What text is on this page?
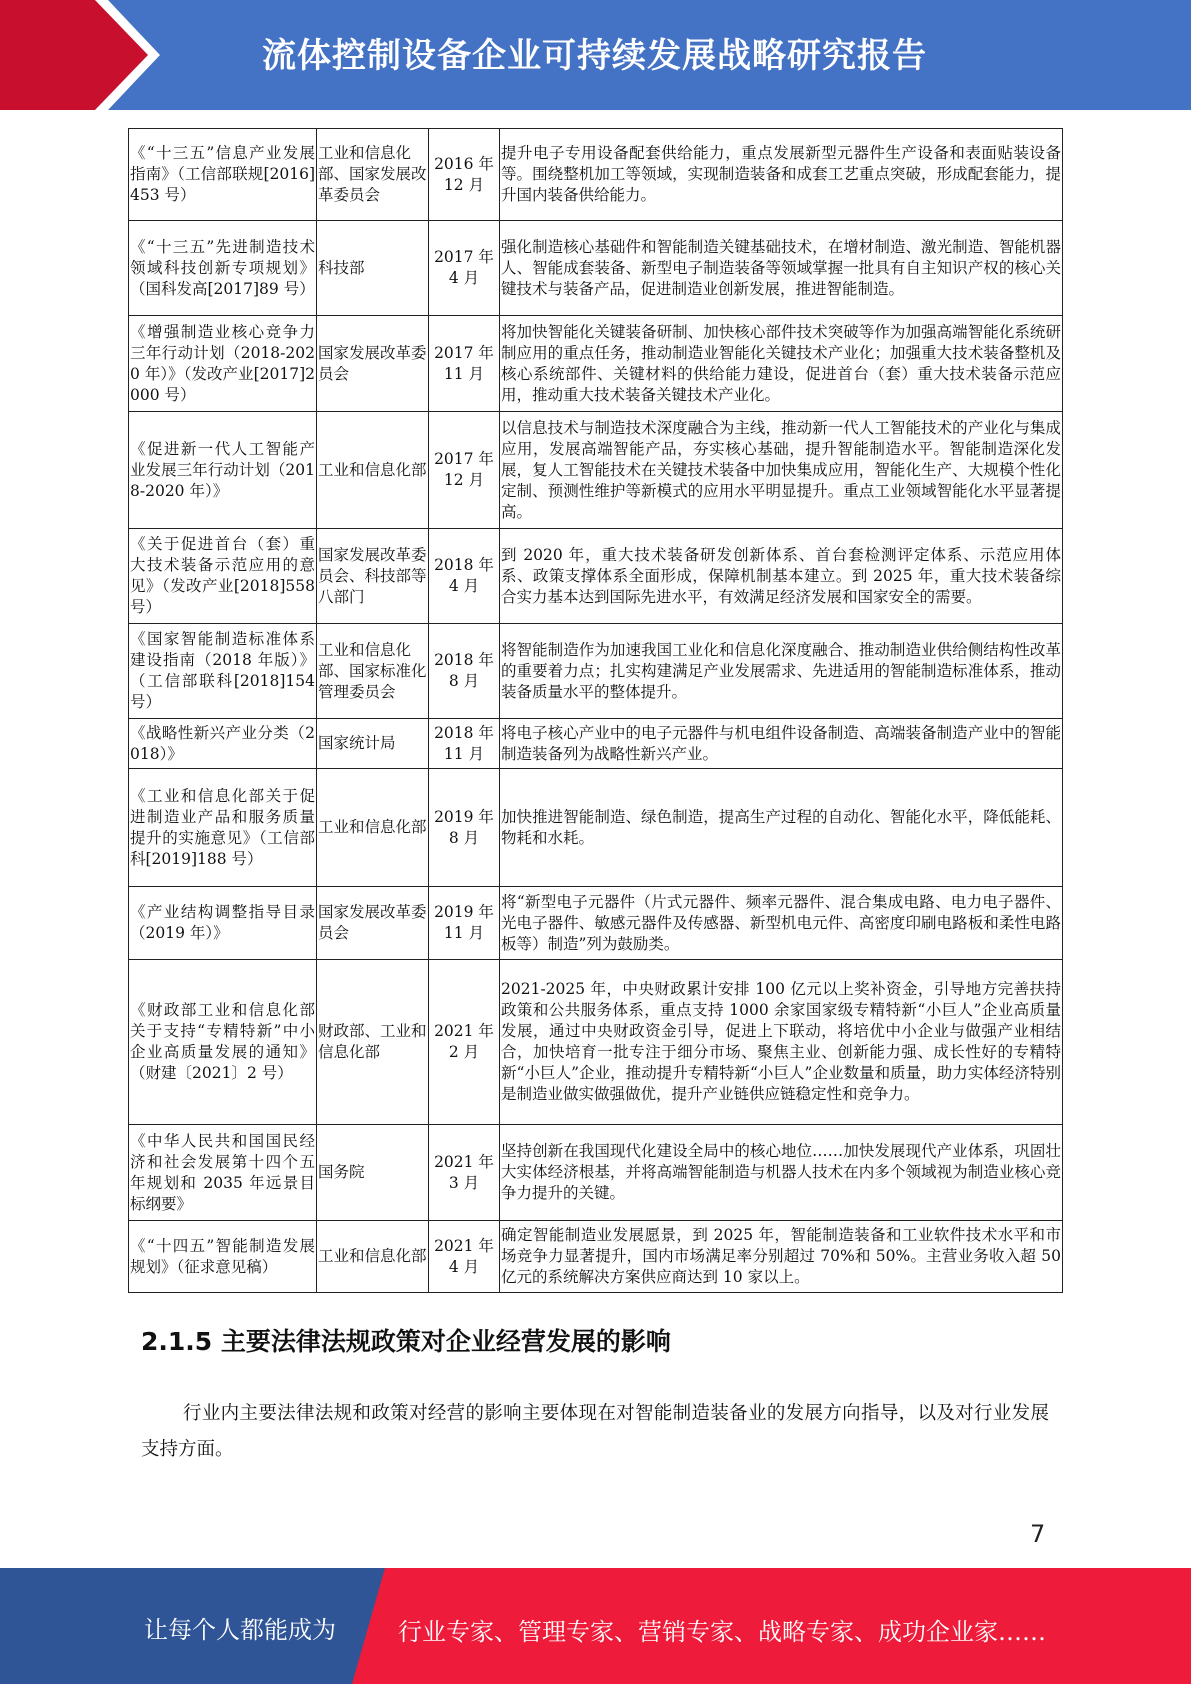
流体控制设备企业可持续发展战略研究报告
《“十三五”信息产业发展指南》（工信部联规[2016]453 号）	工业和信息化部、国家发展改革委员会	2016 年12 月	提升电子专用设备配套供给能力，重点发展新型元器件生产设备和表面贴装设备等。围绕整机加工等领域，实现制造装备和成套工艺重点突破，形成配套能力，提升国内装备供给能力。
《“十三五”先进制造技术领域科技创新专项规划》（国科发高[2017]89 号）	科技部	2017 年4 月	强化制造核心基础件和智能制造关键基础技术，在增材制造、激光制造、智能机器人、智能成套装备、新型电子制造装备等领域掌握一批具有自主知识产权的核心关键技术与装备产品，促进制造业创新发展，推进智能制造。
《增强制造业核心竞争力三年行动计划（2018-2020 年）》（发改产业[2017]2000 号）	国家发展改革委员会	2017 年11 月	将加快智能化关键装备研制、加快核心部件技术突破等作为加强高端智能化系统研制应用的重点任务，推动制造业智能化关键技术产业化；加强重大技术装备整机及核心系统部件、关键材料的供给能力建设，促进首台（套）重大技术装备示范应用，推动重大技术装备关键技术产业化。
《促进新一代人工智能产业发展三年行动计划（2018-2020 年）》	工业和信息化部	2017 年12 月	以信息技术与制造技术深度融合为主线，推动新一代人工智能技术的产业化与集成应用，发展高端智能产品，夯实核心基础，提升智能制造水平。智能制造深化发展，复人工智能技术在关键技术装备中加快集成应用，智能化生产、大规模个性化定制、预测性维护等新模式的应用水平明显提升。重点工业领域智能化水平显著提高。
《关于促进首台（套）重大技术装备示范应用的意见》（发改产业[2018]558 号）	国家发展改革委员会、科技部等八部门	2018 年4 月	到 2020 年，重大技术装备研发创新体系、首台套检测评定体系、示范应用体系、政策支撑体系全面形成，保障机制基本建立。到 2025 年，重大技术装备综合实力基本达到国际先进水平，有效满足经济发展和国家安全的需要。
《国家智能制造标准体系建设指南（2018 年版）》（工信部联科[2018]154 号）	工业和信息化部、国家标准化管理委员会	2018 年8 月	将智能制造作为加速我国工业化和信息化深度融合、推动制造业供给侧结构性改革的重要着力点；扎实构建满足产业发展需求、先进适用的智能制造标准体系，推动装备质量水平的整体提升。
《战略性新兴产业分类（2018）》	国家统计局	2018 年11 月	将电子核心产业中的电子元器件与机电组件设备制造、高端装备制造产业中的智能制造装备列为战略性新兴产业。
《工业和信息化部关于促进制造业产品和服务质量提升的实施意见》（工信部科[2019]188 号）	工业和信息化部	2019 年8 月	加快推进智能制造、绿色制造，提高生产过程的自动化、智能化水平，降低能耗、物耗和水耗。
《产业结构调整指导目录（2019 年）》	国家发展改革委员会	2019 年11 月	将“新型电子元器件（片式元器件、频率元器件、混合集成电路、电力电子器件、光电子器件、敏感元器件及传感器、新型机电元件、高密度印刷电路板和柔性电路板等）制造”列为鼓励类。
《财政部工业和信息化部关于支持“专精特新”中小企业高质量发展的通知》（财建〔2021〕2 号）	财政部、工业和信息化部	2021 年2 月	2021-2025 年，中央财政累计安排 100 亿元以上奖补资金，引导地方完善扶持政策和公共服务体系，重点支持 1000 余家国家级专精特新“小巨人”企业高质量发展，通过中央财政资金引导，促进上下联动，将培优中小企业与做强产业相结合，加快培育一批专注于细分市场、聚焦主业、创新能力强、成长性好的专精特新“小巨人”企业，推动提升专精特新“小巨人”企业数量和质量，助力实体经济特别是制造业做实做强做优，提升产业链供应链稳定性和竞争力。
《中华人民共和国国民经济和社会发展第十四个五年规划和 2035 年远景目标纲要》	国务院	2021 年3 月	坚持创新在我国现代化建设全局中的核心地位……加快发展现代产业体系，巩固壮大实体经济根基，并将高端智能制造与机器人技术在内多个领域视为制造业核心竞争力提升的关键。
《“十四五”智能制造发展规划》（征求意见稿）	工业和信息化部	2021 年4 月	确定智能制造业发展愿景，到 2025 年，智能制造装备和工业软件技术水平和市场竞争力显著提升，国内市场满足率分别超过 70%和 50%。主营业务收入超 50 亿元的系统解决方案供应商达到 10 家以上。
2.1.5 主要法律法规政策对企业经营发展的影响
行业内主要法律法规和政策对经营的影响主要体现在对智能制造装备业的发展方向指导，以及对行业发展支持方面。
7
让每个人都能成为	行业专家、管理专家、营销专家、战略专家、成功企业家……
